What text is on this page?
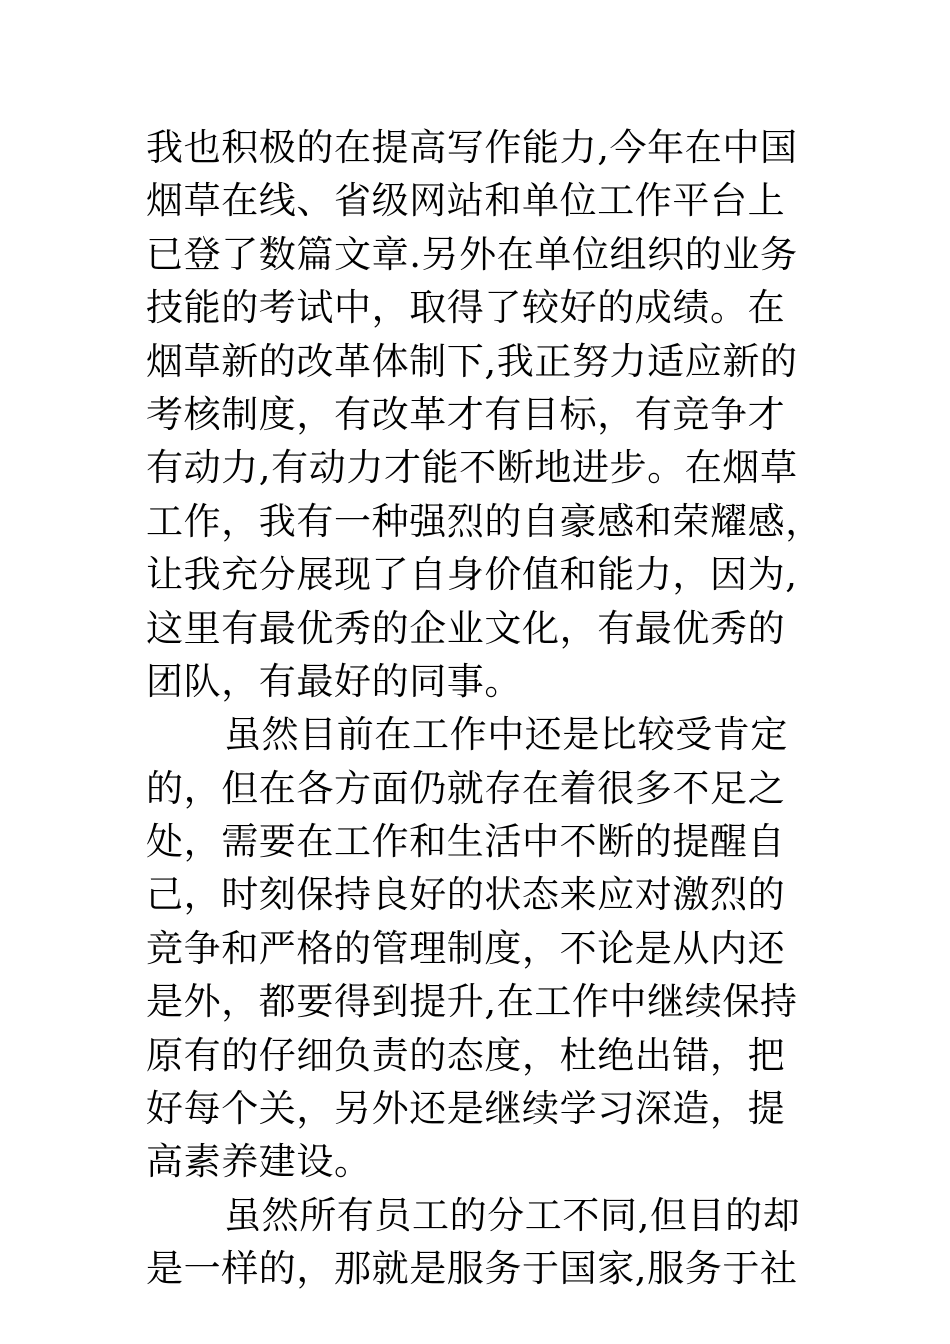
我也积极的在提高写作能力,今年在中国
烟草在线、省级网站和单位工作平台上
已登了数篇文章.另外在单位组织的业务
技能的考试中，取得了较好的成绩。在
烟草新的改革体制下,我正努力适应新的
考核制度，有改革才有目标，有竞争才
有动力,有动力才能不断地进步。在烟草
工作，我有一种强烈的自豪感和荣耀感，
让我充分展现了自身价值和能力，因为,
这里有最优秀的企业文化，有最优秀的
团队，有最好的同事。
虽然目前在工作中还是比较受肯定
的，但在各方面仍就存在着很多不足之
处，需要在工作和生活中不断的提醒自
己，时刻保持良好的状态来应对激烈的
竞争和严格的管理制度，不论是从内还
是外，都要得到提升,在工作中继续保持
原有的仔细负责的态度，杜绝出错，把
好每个关，另外还是继续学习深造，提
高素养建设。
虽然所有员工的分工不同,但目的却
是一样的，那就是服务于国家,服务于社
